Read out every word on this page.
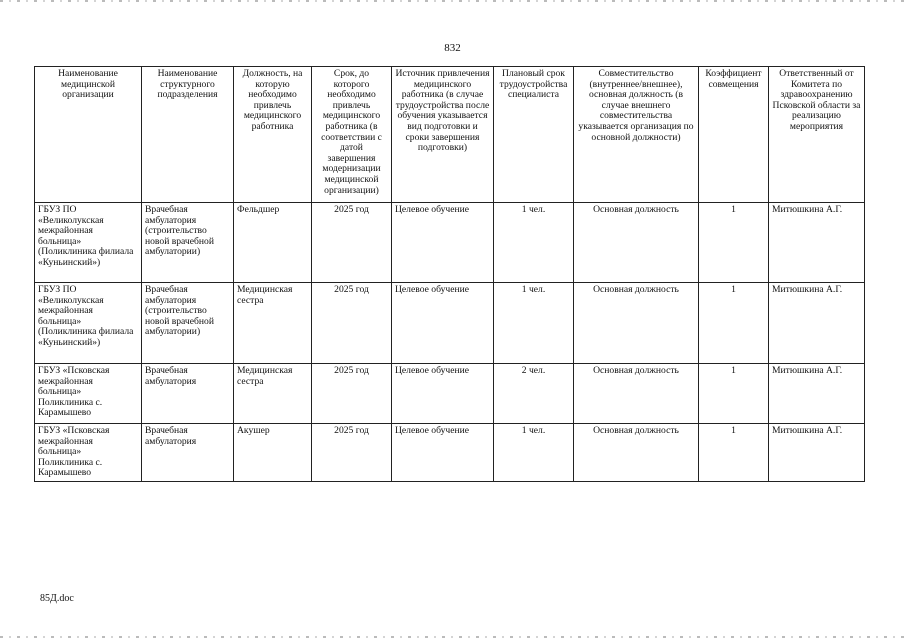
832
Наименование медицинской организации	Наименование структурного подразделения	Должность, на которую необходимо привлечь медицинского работника	Срок, до которого необходимо привлечь медицинского работника (в соответствии с датой завершения модернизации медицинской организации)	Источник привлечения медицинского работника (в случае трудоустройства после обучения указывается вид подготовки и сроки завершения подготовки)	Плановый срок трудоустройства специалиста	Совместительство (внутреннее/внешнее), основная должность (в случае внешнего совместительства указывается организация по основной должности)	Коэффициент совмещения	Ответственный от Комитета по здравоохранению Псковской области за реализацию мероприятия
ГБУЗ ПО «Великолукская межрайонная больница» (Поликлиника филиала «Куньинский»)	Врачебная амбулатория (строительство новой врачебной амбулатории)	Фельдшер	2025 год	Целевое обучение	1 чел.	Основная должность	1	Митюшкина А.Г.
ГБУЗ ПО «Великолукская межрайонная больница» (Поликлиника филиала «Куньинский»)	Врачебная амбулатория (строительство новой врачебной амбулатории)	Медицинская сестра	2025 год	Целевое обучение	1 чел.	Основная должность	1	Митюшкина А.Г.
ГБУЗ «Псковская межрайонная больница» Поликлиника с. Карамышево	Врачебная амбулатория	Медицинская сестра	2025 год	Целевое обучение	2 чел.	Основная должность	1	Митюшкина А.Г.
ГБУЗ «Псковская межрайонная больница» Поликлиника с. Карамышево	Врачебная амбулатория	Акушер	2025 год	Целевое обучение	1 чел.	Основная должность	1	Митюшкина А.Г.
85Д.doc
